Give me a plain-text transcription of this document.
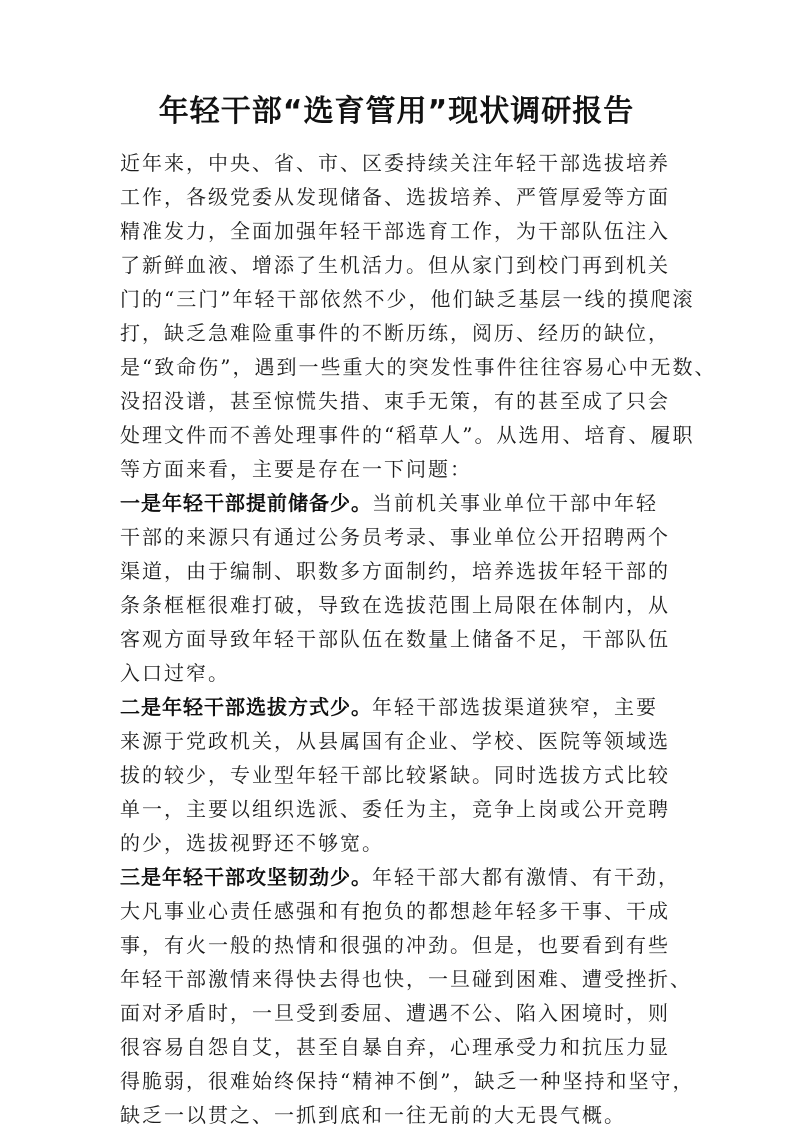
年轻干部“选育管用”现状调研报告
近年来，中央、省、市、区委持续关注年轻干部选拔培养
工作，各级党委从发现储备、选拔培养、严管厚爱等方面
精准发力，全面加强年轻干部选育工作，为干部队伍注入
了新鲜血液、增添了生机活力。但从家门到校门再到机关
门的“三门”年轻干部依然不少，他们缺乏基层一线的摸爬滚
打，缺乏急难险重事件的不断历练，阅历、经历的缺位，
是“致命伤”，遇到一些重大的突发性事件往往容易心中无数、
没招没谱，甚至惊慌失措、束手无策，有的甚至成了只会
处理文件而不善处理事件的“稻草人”。从选用、培育、履职
等方面来看，主要是存在一下问题：
一是年轻干部提前储备少。当前机关事业单位干部中年轻
干部的来源只有通过公务员考录、事业单位公开招聘两个
渠道，由于编制、职数多方面制约，培养选拔年轻干部的
条条框框很难打破，导致在选拔范围上局限在体制内，从
客观方面导致年轻干部队伍在数量上储备不足，干部队伍
入口过窄。
二是年轻干部选拔方式少。年轻干部选拔渠道狭窄，主要
来源于党政机关，从县属国有企业、学校、医院等领域选
拔的较少，专业型年轻干部比较紧缺。同时选拔方式比较
单一，主要以组织选派、委任为主，竞争上岗或公开竞聘
的少，选拔视野还不够宽。
三是年轻干部攻坚韧劲少。年轻干部大都有激情、有干劲，
大凡事业心责任感强和有抱负的都想趁年轻多干事、干成
事，有火一般的热情和很强的冲劲。但是，也要看到有些
年轻干部激情来得快去得也快，一旦碰到困难、遭受挫折、
面对矛盾时，一旦受到委屈、遭遇不公、陷入困境时，则
很容易自怨自艾，甚至自暴自弃，心理承受力和抗压力显
得脆弱，很难始终保持“精神不倒”，缺乏一种坚持和坚守，
缺乏一以贯之、一抓到底和一往无前的大无畏气概。
